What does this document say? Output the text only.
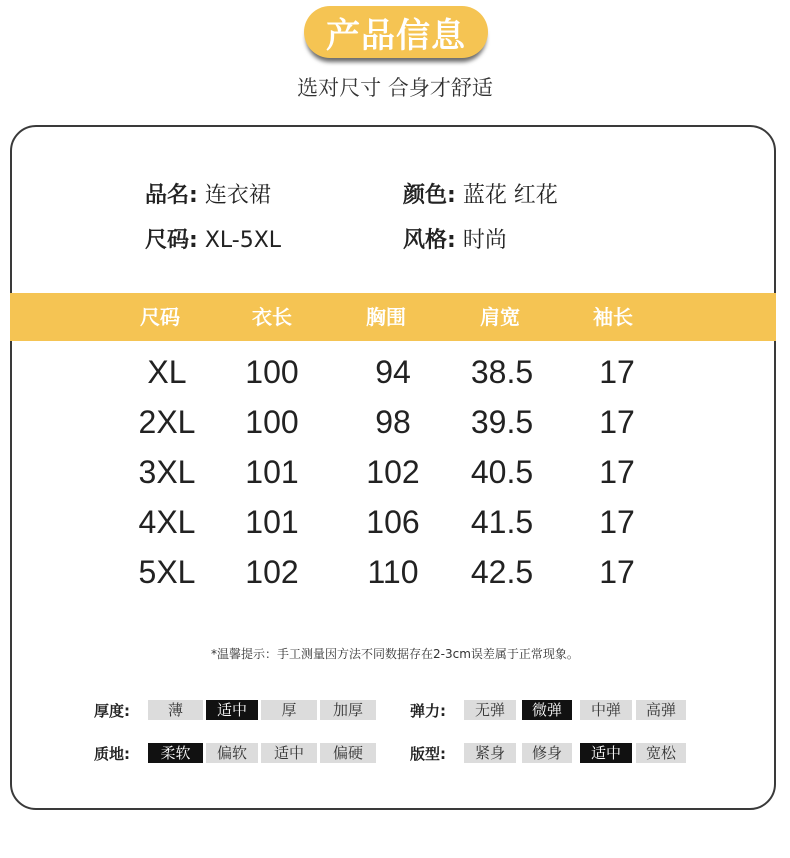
产品信息
选对尺寸 合身才舒适
品名: 连衣裙	颜色: 蓝花 红花
尺码: XL-5XL	风格: 时尚
尺码	衣长	胸围	肩宽	袖长
XL	100	94	38.5	17
2XL	100	98	39.5	17
3XL	101	102	40.5	17
4XL	101	106	41.5	17
5XL	102	110	42.5	17
*温馨提示：手工测量因方法不同数据存在2-3cm误差属于正常现象。
厚度:	薄	适中	厚	加厚	弹力:	无弹	微弹	中弹	高弹
质地:	柔软	偏软	适中	偏硬	版型:	紧身	修身	适中	宽松
